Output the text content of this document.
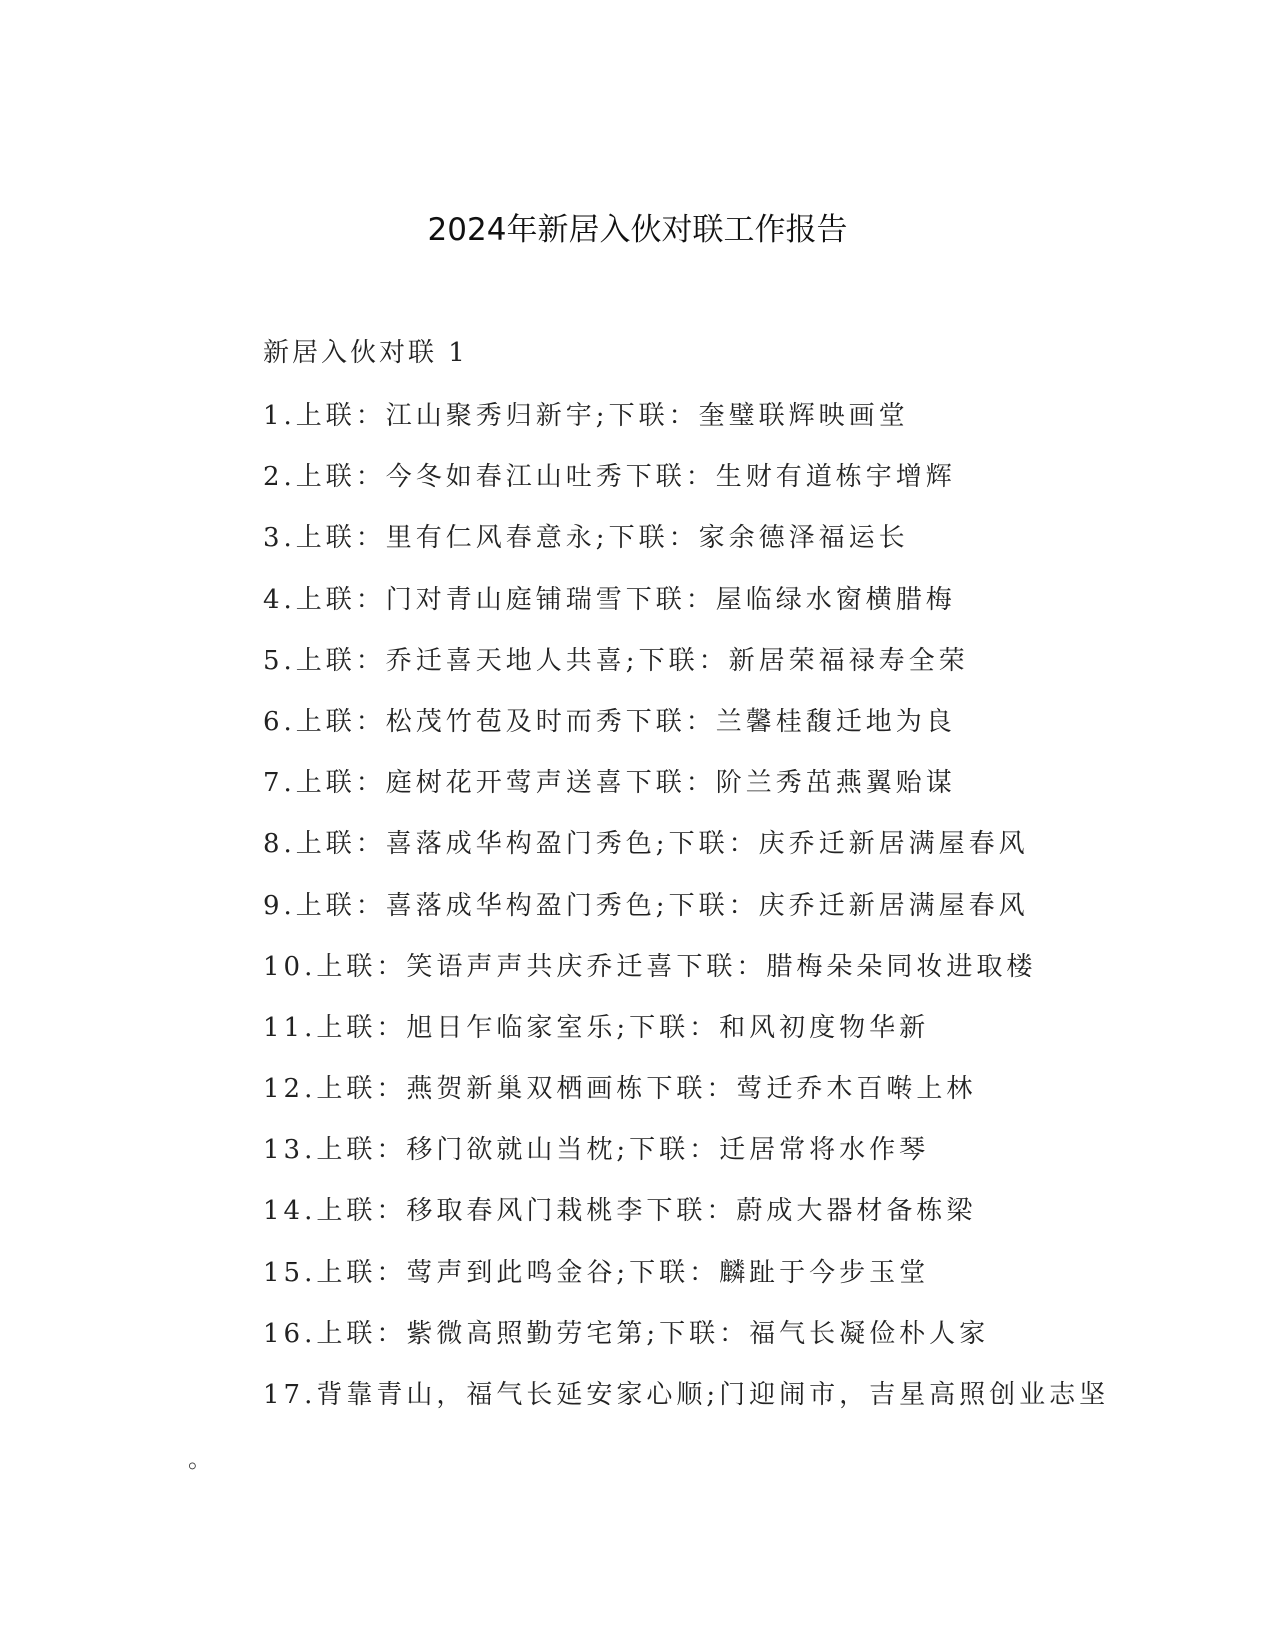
2024年新居入伙对联工作报告
新居入伙对联 1
1.上联：江山聚秀归新宇;下联：奎璧联辉映画堂
2.上联：今冬如春江山吐秀下联：生财有道栋宇增辉
3.上联：里有仁风春意永;下联：家余德泽福运长
4.上联：门对青山庭铺瑞雪下联：屋临绿水窗横腊梅
5.上联：乔迁喜天地人共喜;下联：新居荣福禄寿全荣
6.上联：松茂竹苞及时而秀下联：兰馨桂馥迁地为良
7.上联：庭树花开莺声送喜下联：阶兰秀茁燕翼贻谋
8.上联：喜落成华构盈门秀色;下联：庆乔迁新居满屋春风
9.上联：喜落成华构盈门秀色;下联：庆乔迁新居满屋春风
10.上联：笑语声声共庆乔迁喜下联：腊梅朵朵同妆进取楼
11.上联：旭日乍临家室乐;下联：和风初度物华新
12.上联：燕贺新巢双栖画栋下联：莺迁乔木百啭上林
13.上联：移门欲就山当枕;下联：迁居常将水作琴
14.上联：移取春风门栽桃李下联：蔚成大器材备栋梁
15.上联：莺声到此鸣金谷;下联：麟趾于今步玉堂
16.上联：紫微高照勤劳宅第;下联：福气长凝俭朴人家
17.背靠青山，福气长延安家心顺;门迎闹市，吉星高照创业志坚
。
